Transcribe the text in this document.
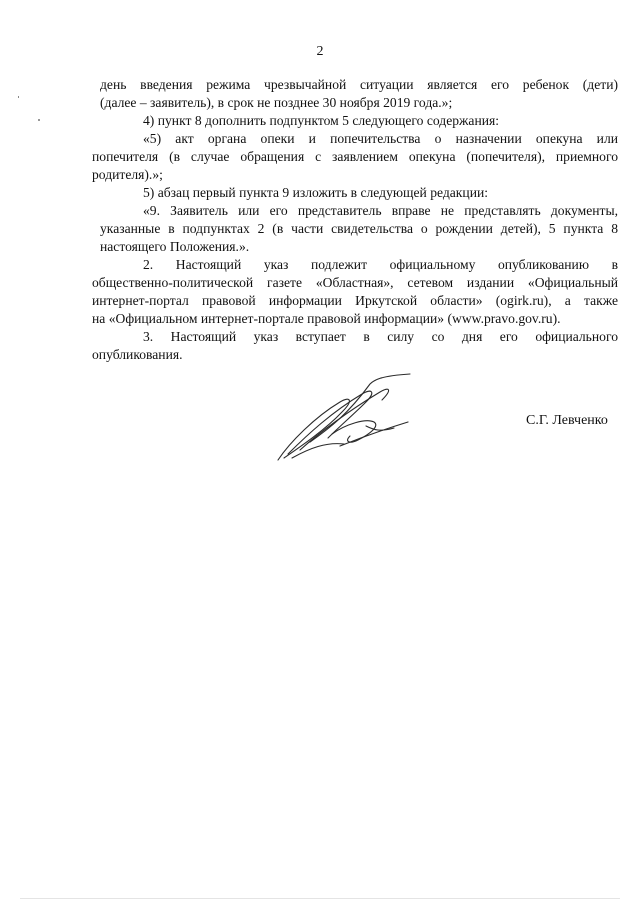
2
день введения режима чрезвычайной ситуации является его ребенок (дети)
(далее – заявитель), в срок не позднее 30 ноября 2019 года.»;
4) пункт 8 дополнить подпунктом 5 следующего содержания:
«5) акт органа опеки и попечительства о назначении опекуна или
попечителя (в случае обращения с заявлением опекуна (попечителя), приемного
родителя).»;
5) абзац первый пункта 9 изложить в следующей редакции:
«9. Заявитель или его представитель вправе не представлять документы,
указанные в подпунктах 2 (в части свидетельства о рождении детей), 5 пункта 8
настоящего Положения.».
2. Настоящий указ подлежит официальному опубликованию в
общественно-политической газете «Областная», сетевом издании «Официальный
интернет-портал правовой информации Иркутской области» (ogirk.ru), а также
на «Официальном интернет-портале правовой информации» (www.pravo.gov.ru).
3. Настоящий указ вступает в силу со дня его официального
опубликования.
С.Г. Левченко
